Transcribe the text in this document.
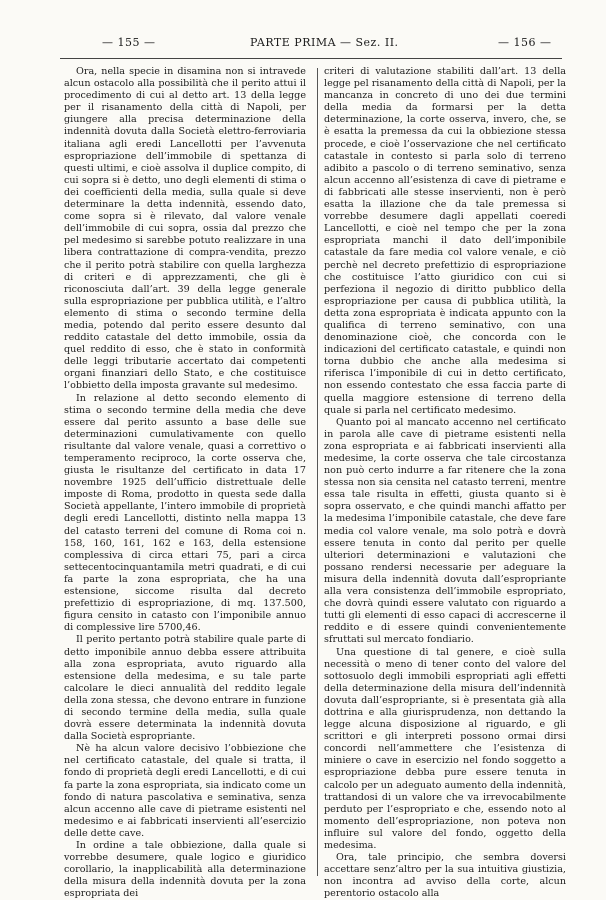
— 155 —	PARTE PRIMA — Sez. II.	— 156 —

Ora, nella specie in disamina non si intravede alcun ostacolo alla possibilità che il perito attui il procedimento di cui al detto art. 13 della legge per il risanamento della città di Napoli, per giungere alla precisa determinazione della indennità dovuta dalla Società elettro-ferroviaria italiana agli eredi Lancellotti per l’avvenuta espropriazione dell’immobile di spettanza di questi ultimi, e cioè assolva il duplice compito, di cui sopra si è detto, uno degli elementi di stima o dei coefficienti della media, sulla quale si deve determinare la detta indennità, essendo dato, come sopra si è rilevato, dal valore venale dell’immobile di cui sopra, ossia dal prezzo che pel medesimo si sarebbe potuto realizzare in una libera contrattazione di compra-vendita, prezzo che il perito potrà stabilire con quella larghezza di criteri e di apprezzamenti, che gli è riconosciuta dall’art. 39 della legge generale sulla espropriazione per pubblica utilità, e l’altro elemento di stima o secondo termine della media, potendo dal perito essere desunto dal reddito catastale del detto immobile, ossia da quel reddito di esso, che è stato in conformità delle leggi tributarie accertato dai competenti organi finanziari dello Stato, e che costituisce l’obbietto della imposta gravante sul medesimo.

In relazione al detto secondo elemento di stima o secondo termine della media che deve essere dal perito assunto a base delle sue determinazioni cumulativamente con quello risultante dal valore venale, quasi a correttivo o temperamento reciproco, la corte osserva che, giusta le risultanze del certificato in data 17 novembre 1925 dell’ufficio distrettuale delle imposte di Roma, prodotto in questa sede dalla Società appellante, l’intero immobile di proprietà degli eredi Lancellotti, distinto nella mappa 13 del catasto terreni del comune di Roma coi n. 158, 160, 161, 162 e 163, della estensione complessiva di circa ettari 75, pari a circa settecentocinquantamila metri quadrati, e di cui fa parte la zona espropriata, che ha una estensione, siccome risulta dal decreto prefettizio di espropriazione, di mq. 137.500, figura censito in catasto con l’imponibile annuo di complessive lire 5700,46.

Il perito pertanto potrà stabilire quale parte di detto imponibile annuo debba essere attribuita alla zona espropriata, avuto riguardo alla estensione della medesima, e su tale parte calcolare le dieci annualità del reddito legale della zona stessa, che devono entrare in funzione di secondo termine della media, sulla quale dovrà essere determinata la indennità dovuta dalla Società espropriante.

Nè ha alcun valore decisivo l’obbiezione che nel certificato catastale, del quale si tratta, il fondo di proprietà degli eredi Lancellotti, e di cui fa parte la zona espropriata, sia indicato come un fondo di natura pascolativa e seminativa, senza alcun accenno alle cave di pietrame esistenti nel medesimo e ai fabbricati inservienti all’esercizio delle dette cave.

In ordine a tale obbiezione, dalla quale si vorrebbe desumere, quale logico e giuridico corollario, la inapplicabilità alla determinazione della misura della indennità dovuta per la zona espropriata dei

criteri di valutazione stabiliti dall’art. 13 della legge pel risanamento della città di Napoli, per la mancanza in concreto di uno dei due termini della media da formarsi per la detta determinazione, la corte osserva, invero, che, se è esatta la premessa da cui la obbiezione stessa procede, e cioè l’osservazione che nel certificato catastale in contesto si parla solo di terreno adibito a pascolo o di terreno seminativo, senza alcun accenno all’esistenza di cave di pietrame e di fabbricati alle stesse inservienti, non è però esatta la illazione che da tale premessa si vorrebbe desumere dagli appellati coeredi Lancellotti, e cioè nel tempo che per la zona espropriata manchi il dato dell’imponibile catastale da fare media col valore venale, e ciò perchè nel decreto prefettizio di espropriazione che costituisce l’atto giuridico con cui si perfeziona il negozio di diritto pubblico della espropriazione per causa di pubblica utilità, la detta zona espropriata è indicata appunto con la qualifica di terreno seminativo, con una denominazione cioè, che concorda con le indicazioni del certificato catastale, e quindi non torna dubbio che anche alla medesima si riferisca l’imponibile di cui in detto certificato, non essendo contestato che essa faccia parte di quella maggiore estensione di terreno della quale si parla nel certificato medesimo.

Quanto poi al mancato accenno nel certificato in parola alle cave di pietrame esistenti nella zona espropriata e ai fabbricati inservienti alla medesime, la corte osserva che tale circostanza non può certo indurre a far ritenere che la zona stessa non sia censita nel catasto terreni, mentre essa tale risulta in effetti, giusta quanto si è sopra osservato, e che quindi manchi affatto per la medesima l’imponibile catastale, che deve fare media col valore venale, ma solo potrà e dovrà essere tenuta in conto dal perito per quelle ulteriori determinazioni e valutazioni che possano rendersi necessarie per adeguare la misura della indennità dovuta dall’espropriante alla vera consistenza dell’immobile espropriato, che dovrà quindi essere valutato con riguardo a tutti gli elementi di esso capaci di accrescerne il reddito e di essere quindi convenientemente sfruttati sul mercato fondiario.

Una questione di tal genere, e cioè sulla necessità o meno di tener conto del valore del sottosuolo degli immobili espropriati agli effetti della determinazione della misura dell’indennità dovuta dall’espropriante, si è presentata già alla dottrina e alla giurisprudenza, non dettando la legge alcuna disposizione al riguardo, e gli scrittori e gli interpreti possono ormai dirsi concordi nell’ammettere che l’esistenza di miniere o cave in esercizio nel fondo soggetto a espropriazione debba pure essere tenuta in calcolo per un adeguato aumento della indennità, trattandosi di un valore che va irrevocabilmente perduto per l’espropriato e che, essendo noto al momento dell’espropriazione, non poteva non influire sul valore del fondo, oggetto della medesima.

Ora, tale principio, che sembra doversi accettare senz’altro per la sua intuitiva giustizia, non incontra ad avviso della corte, alcun perentorio ostacolo alla
